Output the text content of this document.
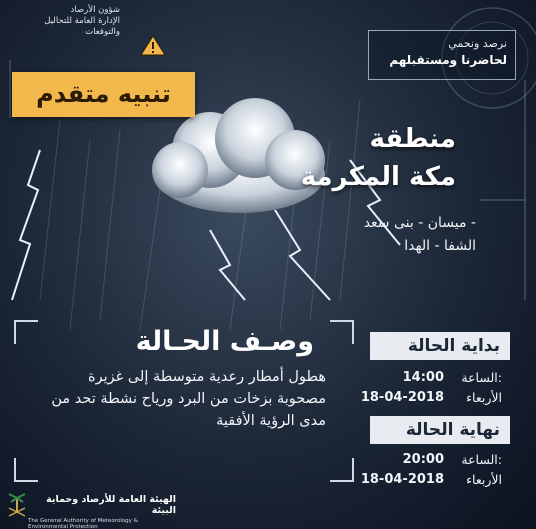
شؤون الأرصاد
الإدارة العامة للتحاليل والتوقعات
تنبيه متقدم
نرصد ونحمي
لحاضرنا ومستقبلهم
منطقة
مكة المكرمة
ميسان - بنى سعد -
الشفا - الهدا
وصـف الحـالة
هطول أمطار رعدية متوسطة إلى غزيرة
مصحوبة بزخات من البرد ورياح نشطة تحد من
مدى الرؤية الأفقية
بداية الحالة
الساعة:
14:00
الأربعاء
18-04-2018
نهاية الحالة
الساعة:
20:00
الأربعاء
18-04-2018
الهيئة العامة للأرصاد وحماية البيئة
The General Authority of Meteorology & Environmental Protection
